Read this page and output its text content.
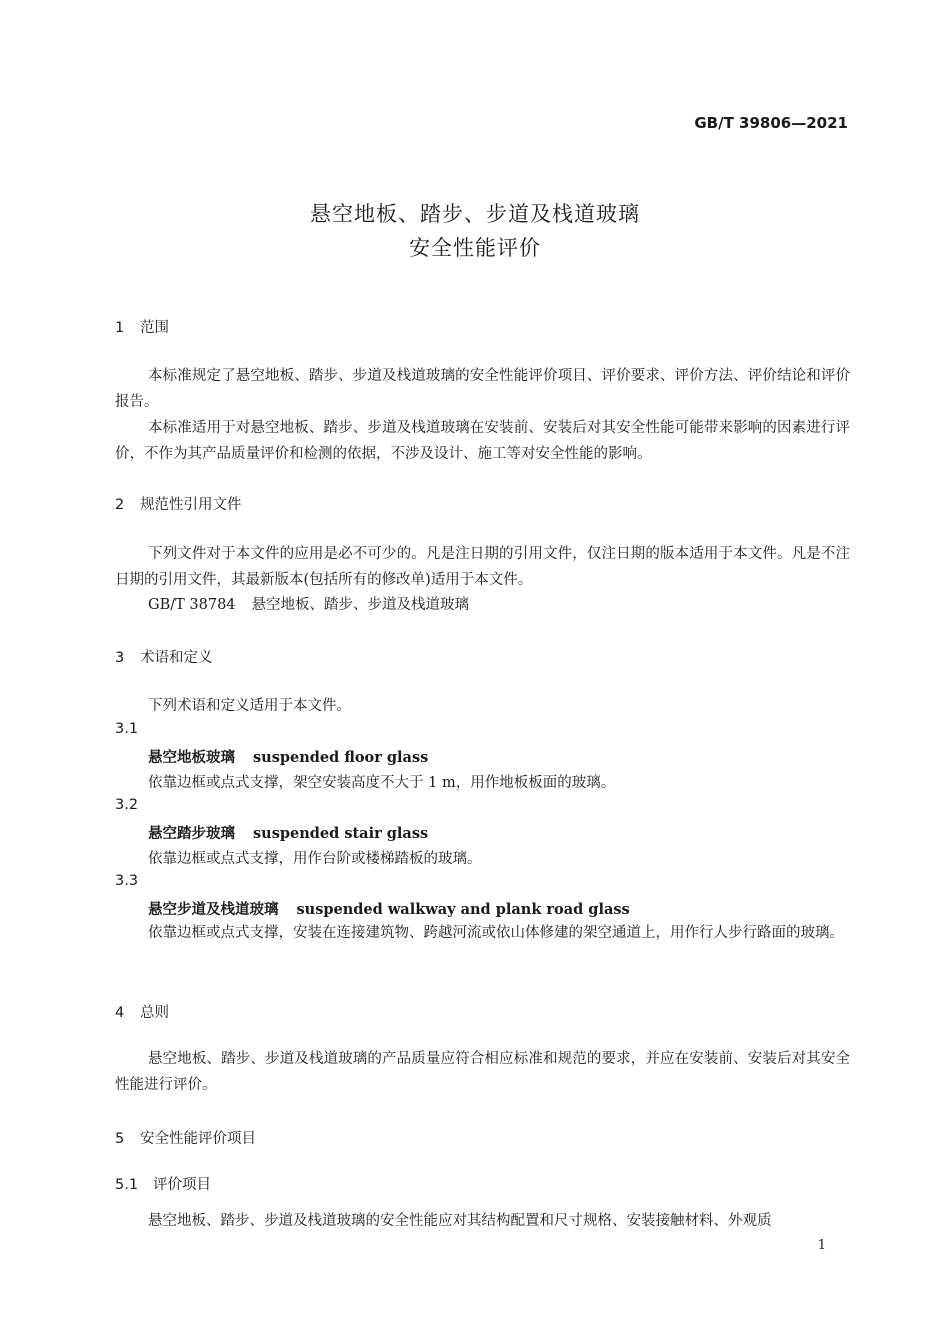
GB/T 39806—2021
悬空地板、踏步、步道及栈道玻璃
安全性能评价
1 范围
本标准规定了悬空地板、踏步、步道及栈道玻璃的安全性能评价项目、评价要求、评价方法、评价结论和评价报告。
本标准适用于对悬空地板、踏步、步道及栈道玻璃在安装前、安装后对其安全性能可能带来影响的因素进行评价，不作为其产品质量评价和检测的依据，不涉及设计、施工等对安全性能的影响。
2 规范性引用文件
下列文件对于本文件的应用是必不可少的。凡是注日期的引用文件，仅注日期的版本适用于本文件。凡是不注日期的引用文件，其最新版本(包括所有的修改单)适用于本文件。
GB/T 38784 悬空地板、踏步、步道及栈道玻璃
3 术语和定义
下列术语和定义适用于本文件。
3.1
悬空地板玻璃 suspended floor glass
依靠边框或点式支撑，架空安装高度不大于 1 m，用作地板板面的玻璃。
3.2
悬空踏步玻璃 suspended stair glass
依靠边框或点式支撑，用作台阶或楼梯踏板的玻璃。
3.3
悬空步道及栈道玻璃 suspended walkway and plank road glass
依靠边框或点式支撑，安装在连接建筑物、跨越河流或依山体修建的架空通道上，用作行人步行路面的玻璃。
4 总则
悬空地板、踏步、步道及栈道玻璃的产品质量应符合相应标准和规范的要求，并应在安装前、安装后对其安全性能进行评价。
5 安全性能评价项目
5.1 评价项目
悬空地板、踏步、步道及栈道玻璃的安全性能应对其结构配置和尺寸规格、安装接触材料、外观质
1
